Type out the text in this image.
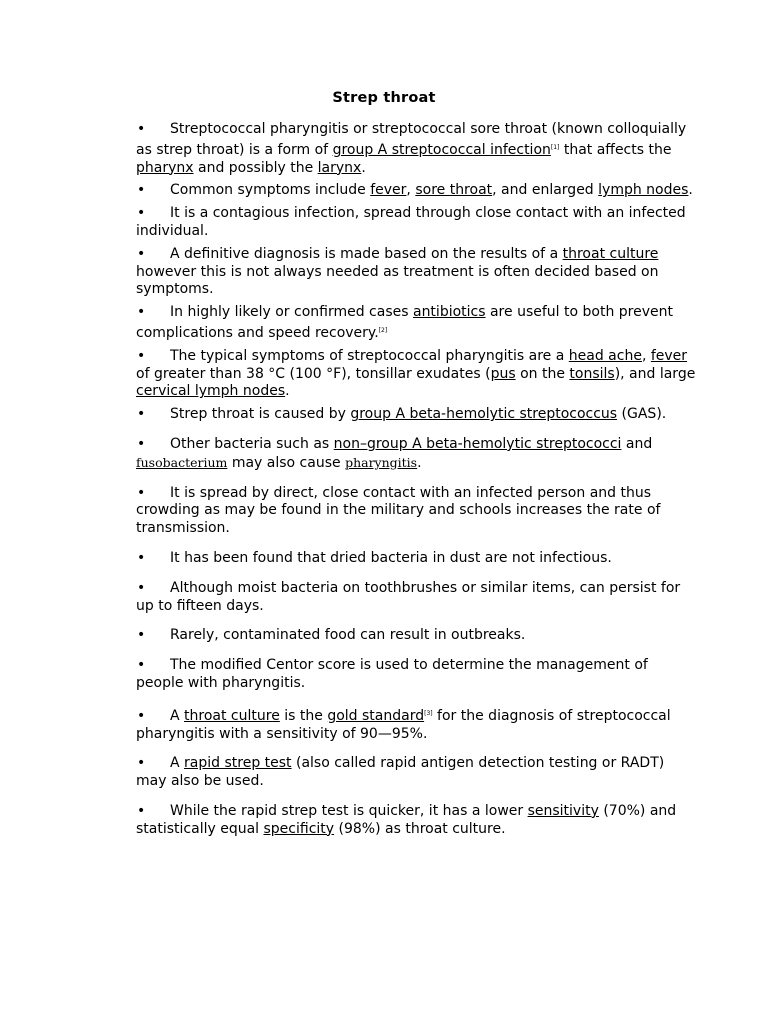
Strep throat
• Streptococcal pharyngitis or streptococcal sore throat (known colloquially as strep throat) is a form of group A streptococcal infection[1] that affects the pharynx and possibly the larynx.
• Common symptoms include fever, sore throat, and enlarged lymph nodes.
• It is a contagious infection, spread through close contact with an infected individual.
• A definitive diagnosis is made based on the results of a throat culture however this is not always needed as treatment is often decided based on symptoms.
• In highly likely or confirmed cases antibiotics are useful to both prevent complications and speed recovery.[2]
• The typical symptoms of streptococcal pharyngitis are a head ache, fever of greater than 38 °C (100 °F), tonsillar exudates (pus on the tonsils), and large cervical lymph nodes.
• Strep throat is caused by group A beta-hemolytic streptococcus (GAS).
• Other bacteria such as non–group A beta-hemolytic streptococci and fusobacterium may also cause pharyngitis.
• It is spread by direct, close contact with an infected person and thus crowding as may be found in the military and schools increases the rate of transmission.
• It has been found that dried bacteria in dust are not infectious.
• Although moist bacteria on toothbrushes or similar items, can persist for up to fifteen days.
• Rarely, contaminated food can result in outbreaks.
• The modified Centor score is used to determine the management of people with pharyngitis.
• A throat culture is the gold standard[3] for the diagnosis of streptococcal pharyngitis with a sensitivity of 90—95%.
• A rapid strep test (also called rapid antigen detection testing or RADT) may also be used.
• While the rapid strep test is quicker, it has a lower sensitivity (70%) and statistically equal specificity (98%) as throat culture.
